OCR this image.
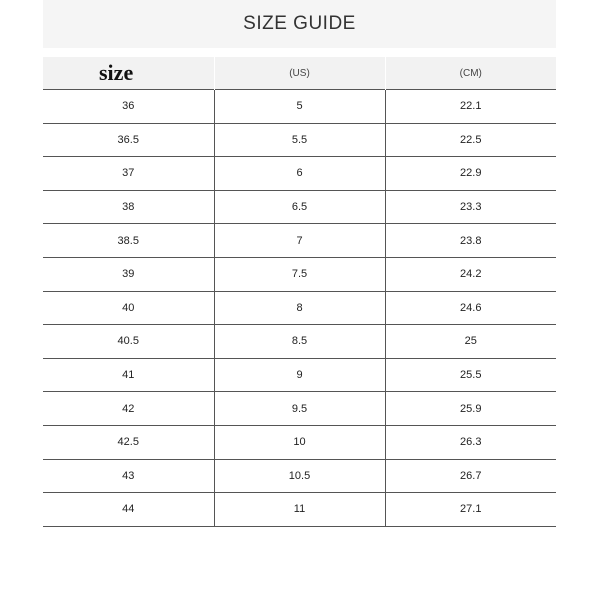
SIZE GUIDE
size	(US)	(CM)
36	5	22.1
36.5	5.5	22.5
37	6	22.9
38	6.5	23.3
38.5	7	23.8
39	7.5	24.2
40	8	24.6
40.5	8.5	25
41	9	25.5
42	9.5	25.9
42.5	10	26.3
43	10.5	26.7
44	11	27.1
